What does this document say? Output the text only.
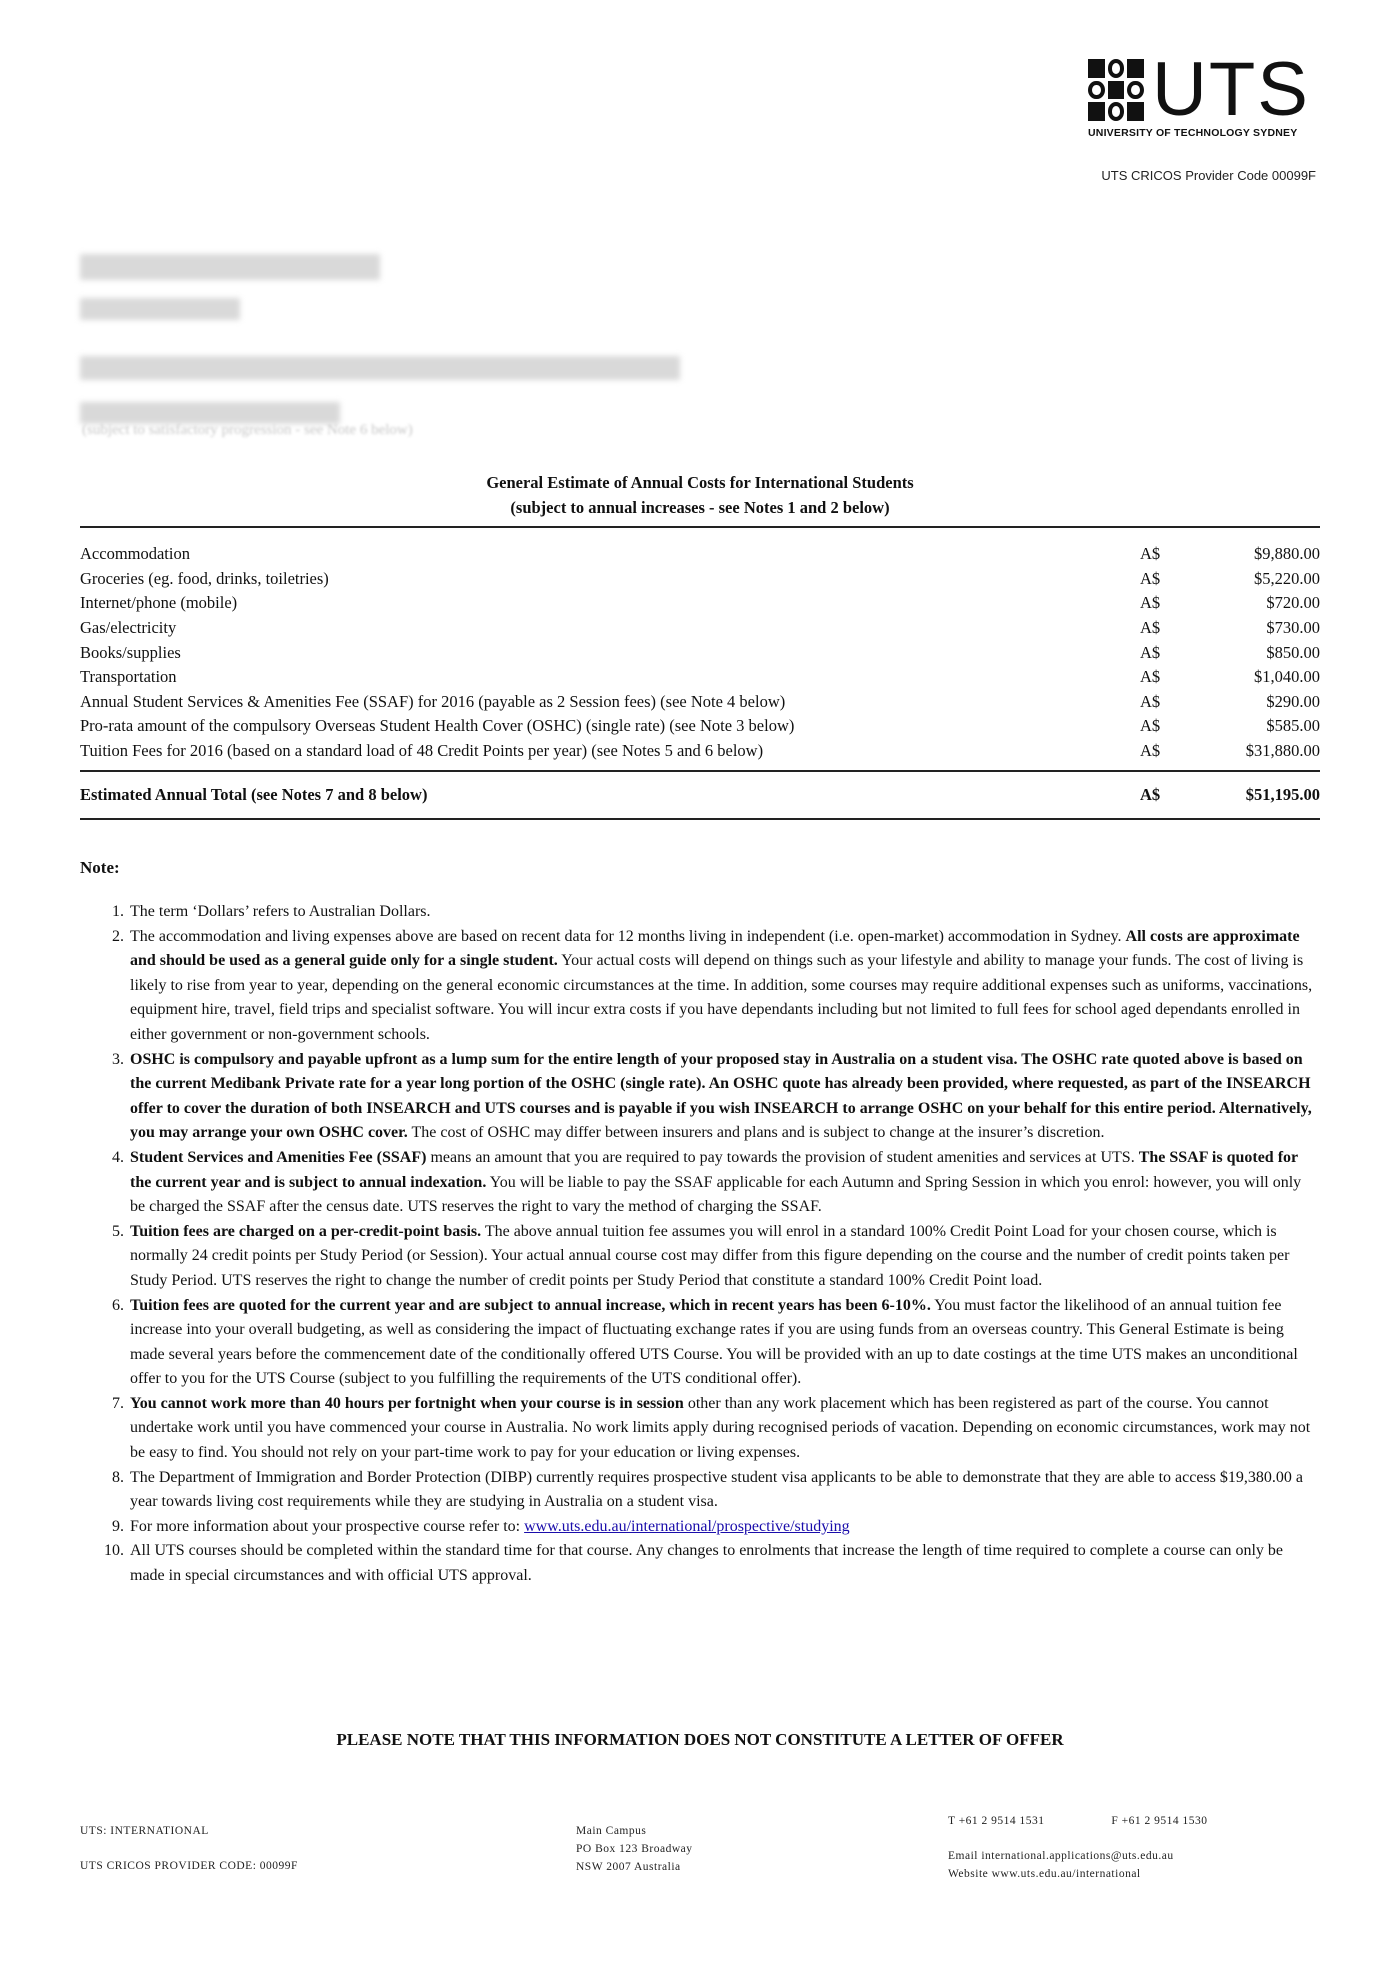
UTS
UNIVERSITY OF TECHNOLOGY SYDNEY
UTS CRICOS Provider Code 00099F
(subject to satisfactory progression - see Note 6 below)
General Estimate of Annual Costs for International Students
(subject to annual increases - see Notes 1 and 2 below)
Accommodation	A$	$9,880.00
Groceries (eg. food, drinks, toiletries)	A$	$5,220.00
Internet/phone (mobile)	A$	$720.00
Gas/electricity	A$	$730.00
Books/supplies	A$	$850.00
Transportation	A$	$1,040.00
Annual Student Services & Amenities Fee (SSAF) for 2016 (payable as 2 Session fees) (see Note 4 below)	A$	$290.00
Pro-rata amount of the compulsory Overseas Student Health Cover (OSHC) (single rate) (see Note 3 below)	A$	$585.00
Tuition Fees for 2016 (based on a standard load of 48 Credit Points per year) (see Notes 5 and 6 below)	A$	$31,880.00
Estimated Annual Total (see Notes 7 and 8 below)	A$	$51,195.00
Note:
1. The term ‘Dollars’ refers to Australian Dollars.
2. The accommodation and living expenses above are based on recent data for 12 months living in independent (i.e. open-market) accommodation in Sydney. All costs are approximate and should be used as a general guide only for a single student. Your actual costs will depend on things such as your lifestyle and ability to manage your funds. The cost of living is likely to rise from year to year, depending on the general economic circumstances at the time. In addition, some courses may require additional expenses such as uniforms, vaccinations, equipment hire, travel, field trips and specialist software. You will incur extra costs if you have dependants including but not limited to full fees for school aged dependants enrolled in either government or non-government schools.
3. OSHC is compulsory and payable upfront as a lump sum for the entire length of your proposed stay in Australia on a student visa. The OSHC rate quoted above is based on the current Medibank Private rate for a year long portion of the OSHC (single rate). An OSHC quote has already been provided, where requested, as part of the INSEARCH offer to cover the duration of both INSEARCH and UTS courses and is payable if you wish INSEARCH to arrange OSHC on your behalf for this entire period. Alternatively, you may arrange your own OSHC cover. The cost of OSHC may differ between insurers and plans and is subject to change at the insurer’s discretion.
4. Student Services and Amenities Fee (SSAF) means an amount that you are required to pay towards the provision of student amenities and services at UTS. The SSAF is quoted for the current year and is subject to annual indexation. You will be liable to pay the SSAF applicable for each Autumn and Spring Session in which you enrol: however, you will only be charged the SSAF after the census date. UTS reserves the right to vary the method of charging the SSAF.
5. Tuition fees are charged on a per-credit-point basis. The above annual tuition fee assumes you will enrol in a standard 100% Credit Point Load for your chosen course, which is normally 24 credit points per Study Period (or Session). Your actual annual course cost may differ from this figure depending on the course and the number of credit points taken per Study Period. UTS reserves the right to change the number of credit points per Study Period that constitute a standard 100% Credit Point load.
6. Tuition fees are quoted for the current year and are subject to annual increase, which in recent years has been 6-10%. You must factor the likelihood of an annual tuition fee increase into your overall budgeting, as well as considering the impact of fluctuating exchange rates if you are using funds from an overseas country. This General Estimate is being made several years before the commencement date of the conditionally offered UTS Course. You will be provided with an up to date costings at the time UTS makes an unconditional offer to you for the UTS Course (subject to you fulfilling the requirements of the UTS conditional offer).
7. You cannot work more than 40 hours per fortnight when your course is in session other than any work placement which has been registered as part of the course. You cannot undertake work until you have commenced your course in Australia. No work limits apply during recognised periods of vacation. Depending on economic circumstances, work may not be easy to find. You should not rely on your part-time work to pay for your education or living expenses.
8. The Department of Immigration and Border Protection (DIBP) currently requires prospective student visa applicants to be able to demonstrate that they are able to access $19,380.00 a year towards living cost requirements while they are studying in Australia on a student visa.
9. For more information about your prospective course refer to: www.uts.edu.au/international/prospective/studying
10. All UTS courses should be completed within the standard time for that course. Any changes to enrolments that increase the length of time required to complete a course can only be made in special circumstances and with official UTS approval.
PLEASE NOTE THAT THIS INFORMATION DOES NOT CONSTITUTE A LETTER OF OFFER
UTS: INTERNATIONAL
UTS CRICOS PROVIDER CODE: 00099F
Main Campus
PO Box 123 Broadway
NSW 2007 Australia
T +61 2 9514 1531	F +61 2 9514 1530
Email international.applications@uts.edu.au
Website www.uts.edu.au/international
